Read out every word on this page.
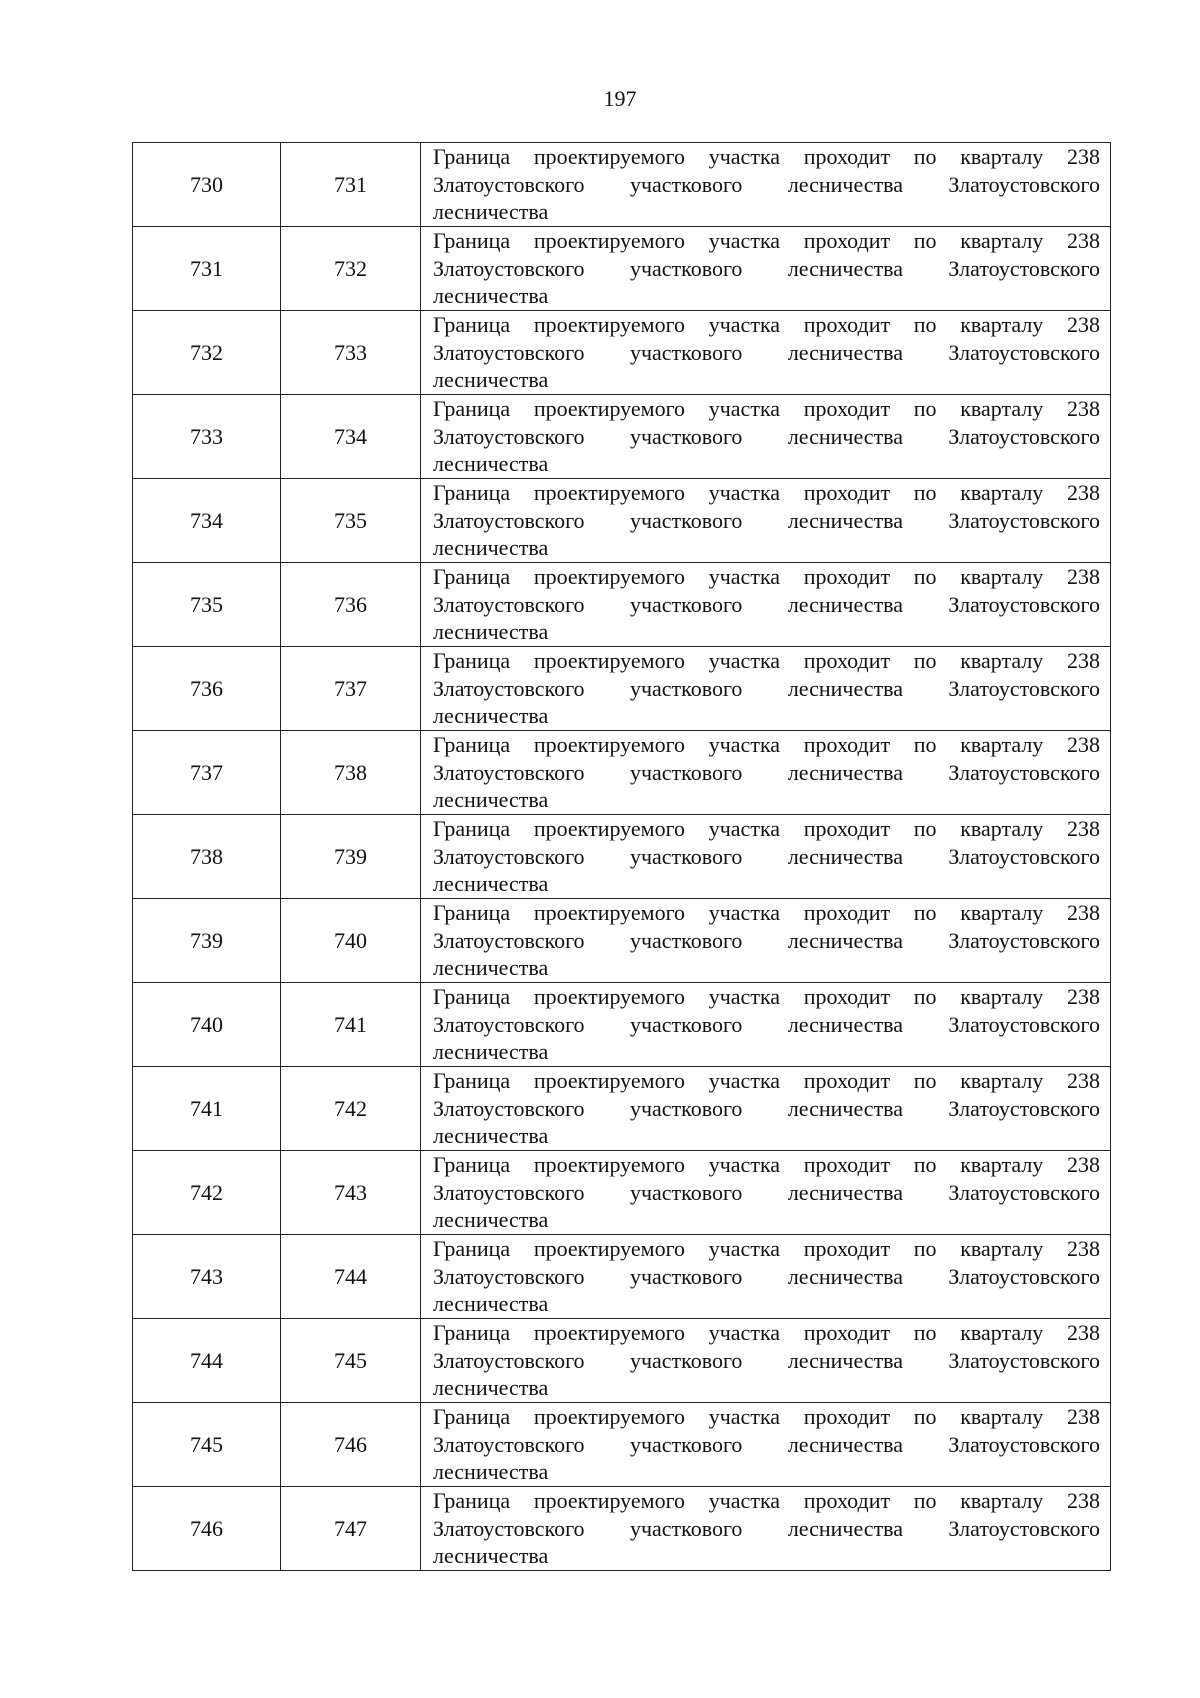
197
730	731	Граница проектируемого участка проходит по кварталу 238 Златоустовского участкового лесничества Златоустовского лесничества
731	732	Граница проектируемого участка проходит по кварталу 238 Златоустовского участкового лесничества Златоустовского лесничества
732	733	Граница проектируемого участка проходит по кварталу 238 Златоустовского участкового лесничества Златоустовского лесничества
733	734	Граница проектируемого участка проходит по кварталу 238 Златоустовского участкового лесничества Златоустовского лесничества
734	735	Граница проектируемого участка проходит по кварталу 238 Златоустовского участкового лесничества Златоустовского лесничества
735	736	Граница проектируемого участка проходит по кварталу 238 Златоустовского участкового лесничества Златоустовского лесничества
736	737	Граница проектируемого участка проходит по кварталу 238 Златоустовского участкового лесничества Златоустовского лесничества
737	738	Граница проектируемого участка проходит по кварталу 238 Златоустовского участкового лесничества Златоустовского лесничества
738	739	Граница проектируемого участка проходит по кварталу 238 Златоустовского участкового лесничества Златоустовского лесничества
739	740	Граница проектируемого участка проходит по кварталу 238 Златоустовского участкового лесничества Златоустовского лесничества
740	741	Граница проектируемого участка проходит по кварталу 238 Златоустовского участкового лесничества Златоустовского лесничества
741	742	Граница проектируемого участка проходит по кварталу 238 Златоустовского участкового лесничества Златоустовского лесничества
742	743	Граница проектируемого участка проходит по кварталу 238 Златоустовского участкового лесничества Златоустовского лесничества
743	744	Граница проектируемого участка проходит по кварталу 238 Златоустовского участкового лесничества Златоустовского лесничества
744	745	Граница проектируемого участка проходит по кварталу 238 Златоустовского участкового лесничества Златоустовского лесничества
745	746	Граница проектируемого участка проходит по кварталу 238 Златоустовского участкового лесничества Златоустовского лесничества
746	747	Граница проектируемого участка проходит по кварталу 238 Златоустовского участкового лесничества Златоустовского лесничества
